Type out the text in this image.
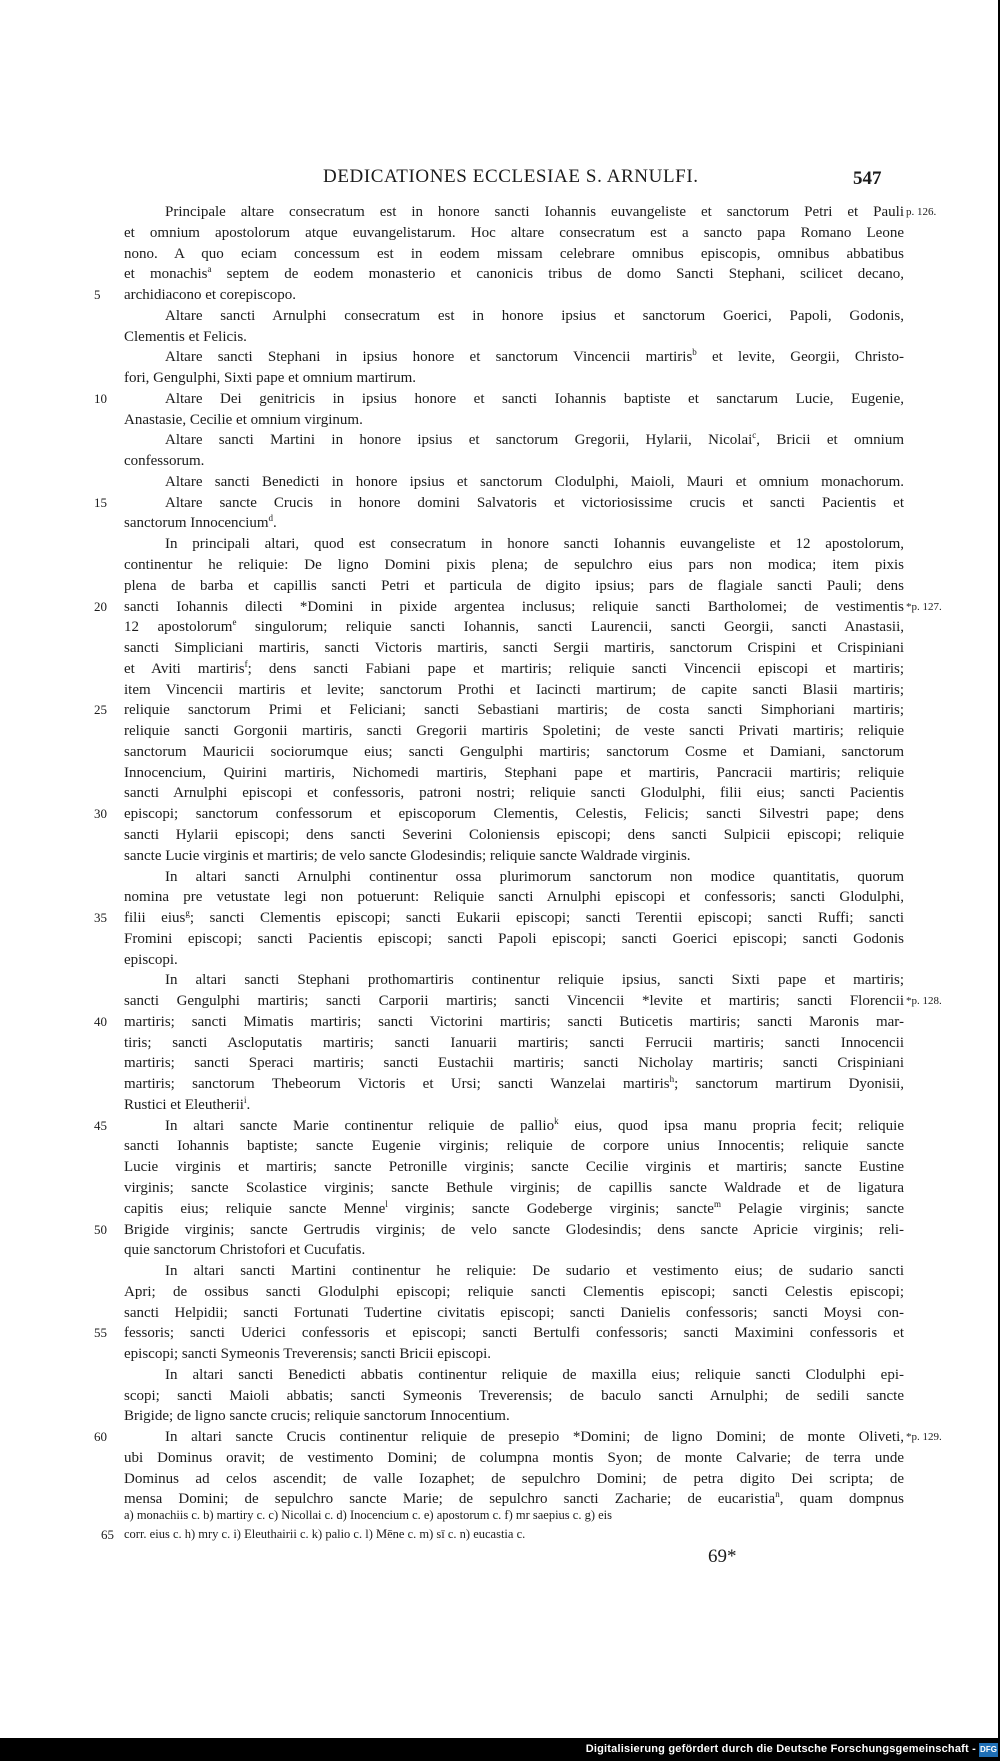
DEDICATIONES ECCLESIAE S. ARNULFI.	547
Principale altare consecratum est in honore sancti Iohannis euvangeliste et sanctorum Petri et Pauli p. 126.
et omnium apostolorum atque euvangelistarum. Hoc altare consecratum est a sancto papa Romano Leone
nono. A quo eciam concessum est in eodem missam celebrare omnibus episcopis, omnibus abbatibus
et monachis$^a$ septem de eodem monasterio et canonicis tribus de domo Sancti Stephani, scilicet decano,
5	archidiacono et corepiscopo.
Altare sancti Arnulphi consecratum est in honore ipsius et sanctorum Goerici, Papoli, Godonis,
Clementis et Felicis.
Altare sancti Stephani in ipsius honore et sanctorum Vincencii martiris$^b$ et levite, Georgii, Christo-
fori, Gengulphi, Sixti pape et omnium martirum.
10	Altare Dei genitricis in ipsius honore et sancti Iohannis baptiste et sanctarum Lucie, Eugenie,
Anastasie, Cecilie et omnium virginum.
Altare sancti Martini in honore ipsius et sanctorum Gregorii, Hylarii, Nicolai$^c$, Bricii et omnium
confessorum.
Altare sancti Benedicti in honore ipsius et sanctorum Clodulphi, Maioli, Mauri et omnium monachorum.
15	Altare sancte Crucis in honore domini Salvatoris et victoriosissime crucis et sancti Pacientis et
sanctorum Innocencium$^d$.
In principali altari, quod est consecratum in honore sancti Iohannis euvangeliste et 12 apostolorum,
continentur he reliquie: De ligno Domini pixis plena; de sepulchro eius pars non modica; item pixis
plena de barba et capillis sancti Petri et particula de digito ipsius; pars de flagiale sancti Pauli; dens
20	sancti Iohannis dilecti *Domini in pixide argentea inclusus; reliquie sancti Bartholomei; de vestimentis *p. 127.
12 apostolorum$^e$ singulorum; reliquie sancti Iohannis, sancti Laurencii, sancti Georgii, sancti Anastasii,
sancti Simpliciani martiris, sancti Victoris martiris, sancti Sergii martiris, sanctorum Crispini et Crispiniani
et Aviti martiris$^f$; dens sancti Fabiani pape et martiris; reliquie sancti Vincencii episcopi et martiris;
item Vincencii martiris et levite; sanctorum Prothi et Iacincti martirum; de capite sancti Blasii martiris;
25	reliquie sanctorum Primi et Feliciani; sancti Sebastiani martiris; de costa sancti Simphoriani martiris;
reliquie sancti Gorgonii martiris, sancti Gregorii martiris Spoletini; de veste sancti Privati martiris; reliquie
sanctorum Mauricii sociorumque eius; sancti Gengulphi martiris; sanctorum Cosme et Damiani, sanctorum
Innocencium, Quirini martiris, Nichomedi martiris, Stephani pape et martiris, Pancracii martiris; reliquie
sancti Arnulphi episcopi et confessoris, patroni nostri; reliquie sancti Glodulphi, filii eius; sancti Pacientis
30	episcopi; sanctorum confessorum et episcoporum Clementis, Celestis, Felicis; sancti Silvestri pape; dens
sancti Hylarii episcopi; dens sancti Severini Coloniensis episcopi; dens sancti Sulpicii episcopi; reliquie
sancte Lucie virginis et martiris; de velo sancte Glodesindis; reliquie sancte Waldrade virginis.
In altari sancti Arnulphi continentur ossa plurimorum sanctorum non modice quantitatis, quorum
nomina pre vetustate legi non potuerunt: Reliquie sancti Arnulphi episcopi et confessoris; sancti Glodulphi,
35	filii eius$^g$; sancti Clementis episcopi; sancti Eukarii episcopi; sancti Terentii episcopi; sancti Ruffi; sancti
Fromini episcopi; sancti Pacientis episcopi; sancti Papoli episcopi; sancti Goerici episcopi; sancti Godonis
episcopi.
In altari sancti Stephani prothomartiris continentur reliquie ipsius, sancti Sixti pape et martiris;
sancti Gengulphi martiris; sancti Carporii martiris; sancti Vincencii *levite et martiris; sancti Florencii *p. 128.
40	martiris; sancti Mimatis martiris; sancti Victorini martiris; sancti Buticetis martiris; sancti Maronis mar-
tiris; sancti Ascloputatis martiris; sancti Ianuarii martiris; sancti Ferrucii martiris; sancti Innocencii
martiris; sancti Speraci martiris; sancti Eustachii martiris; sancti Nicholay martiris; sancti Crispiniani
martiris; sanctorum Thebeorum Victoris et Ursi; sancti Wanzelai martiris$^h$; sanctorum martirum Dyonisii,
Rustici et Eleutherii$^i$.
45	In altari sancte Marie continentur reliquie de pallio$^k$ eius, quod ipsa manu propria fecit; reliquie
sancti Iohannis baptiste; sancte Eugenie virginis; reliquie de corpore unius Innocentis; reliquie sancte
Lucie virginis et martiris; sancte Petronille virginis; sancte Cecilie virginis et martiris; sancte Eustine
virginis; sancte Scolastice virginis; sancte Bethule virginis; de capillis sancte Waldrade et de ligatura
capitis eius; reliquie sancte Menne$^l$ virginis; sancte Godeberge virginis; sancte$^m$ Pelagie virginis; sancte
50	Brigide virginis; sancte Gertrudis virginis; de velo sancte Glodesindis; dens sancte Apricie virginis; reli-
quie sanctorum Christofori et Cucufatis.
In altari sancti Martini continentur he reliquie: De sudario et vestimento eius; de sudario sancti
Apri; de ossibus sancti Glodulphi episcopi; reliquie sancti Clementis episcopi; sancti Celestis episcopi;
sancti Helpidii; sancti Fortunati Tudertine civitatis episcopi; sancti Danielis confessoris; sancti Moysi con-
55	fessoris; sancti Uderici confessoris et episcopi; sancti Bertulfi confessoris; sancti Maximini confessoris et
episcopi; sancti Symeonis Treverensis; sancti Bricii episcopi.
In altari sancti Benedicti abbatis continentur reliquie de maxilla eius; reliquie sancti Clodulphi epi-
scopi; sancti Maioli abbatis; sancti Symeonis Treverensis; de baculo sancti Arnulphi; de sedili sancte
Brigide; de ligno sancte crucis; reliquie sanctorum Innocentium.
60	In altari sancte Crucis continentur reliquie de presepio *Domini; de ligno Domini; de monte Oliveti, *p. 129.
ubi Dominus oravit; de vestimento Domini; de columpna montis Syon; de monte Calvarie; de terra unde
Dominus ad celos ascendit; de valle Iozaphet; de sepulchro Domini; de petra digito Dei scripta; de
mensa Domini; de sepulchro sancte Marie; de sepulchro sancti Zacharie; de eucaristia$^n$, quam dompnus
a) monachiis c. b) martiry c. c) Nicollai c. d) Inocencium c. e) apostorum c. f) mr saepius c. g) eis
65 corr. eius c. h) mry c. i) Eleuthairii c. k) palio c. l) Mēne c. m) sī c. n) eucastia c.
69*
Digitalisierung gefördert durch die Deutsche Forschungsgemeinschaft - DFG
